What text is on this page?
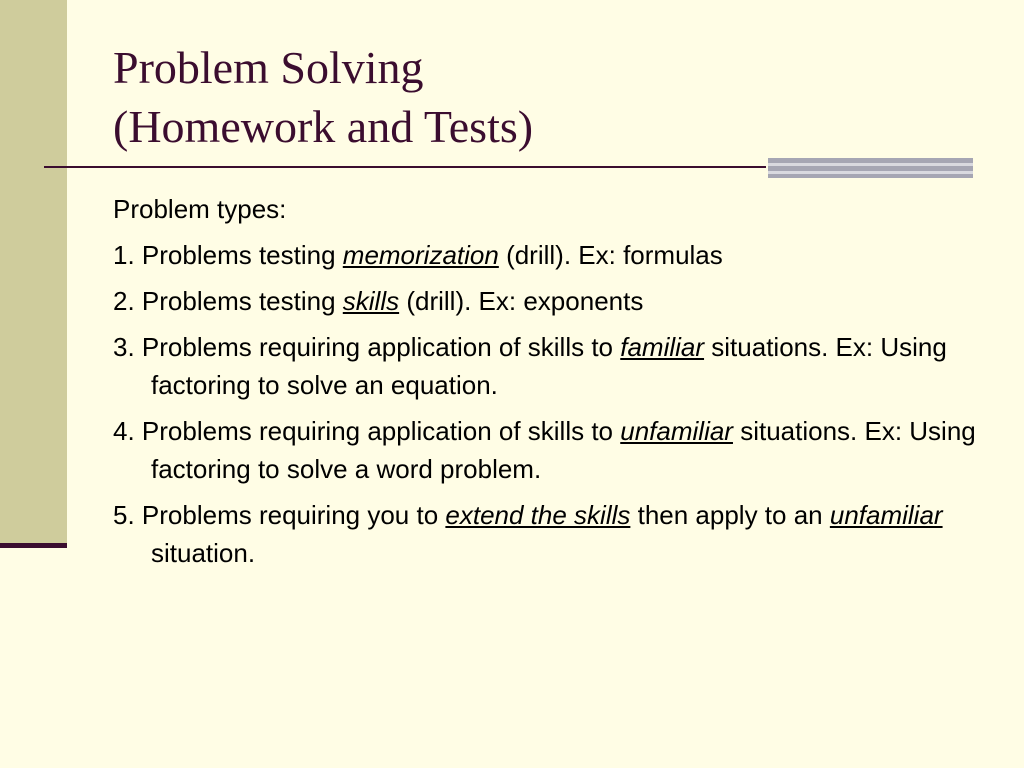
Problem Solving
(Homework and Tests)

Problem types:

1. Problems testing memorization (drill). Ex: formulas

2. Problems testing skills (drill). Ex: exponents

3. Problems requiring application of skills to familiar situations. Ex: Using factoring to solve an equation.

4. Problems requiring application of skills to unfamiliar situations. Ex: Using factoring to solve a word problem.

5. Problems requiring you to extend the skills then apply to an unfamiliar situation.
